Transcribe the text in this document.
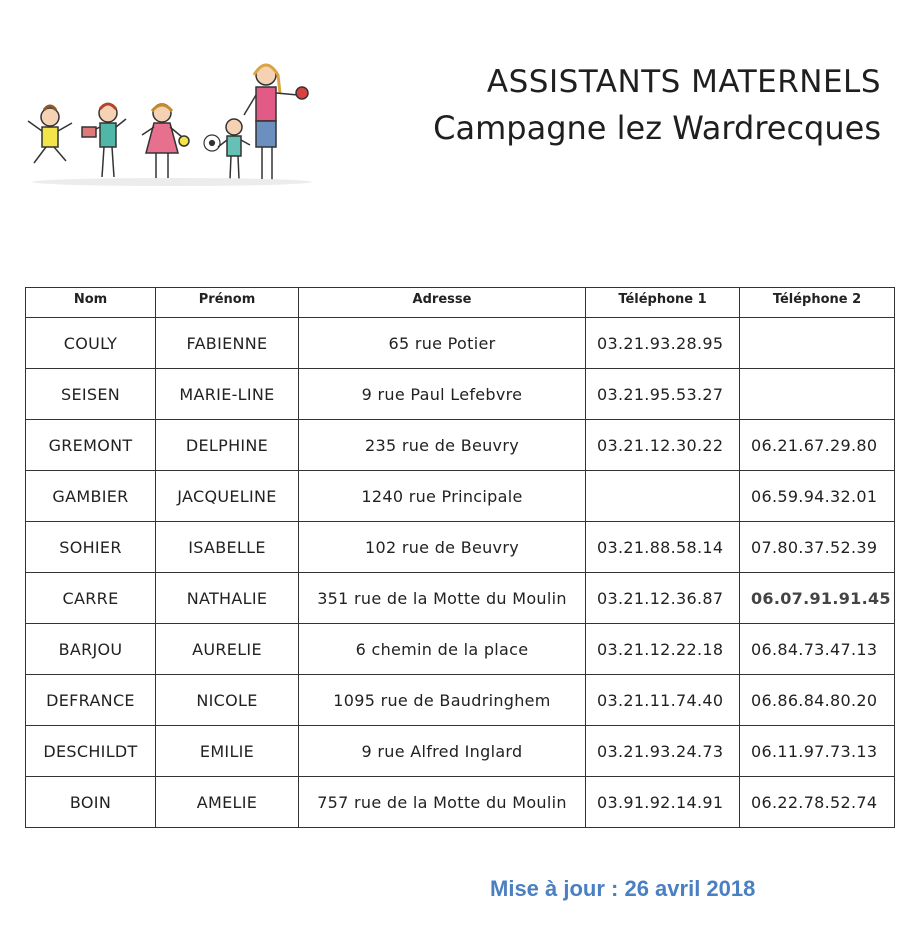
ASSISTANTS MATERNELS
Campagne lez Wardrecques
Nom	Prénom	Adresse	Téléphone 1	Téléphone 2
COULY	FABIENNE	65 rue Potier	03.21.93.28.95	
SEISEN	MARIE-LINE	9 rue Paul Lefebvre	03.21.95.53.27	
GREMONT	DELPHINE	235 rue de Beuvry	03.21.12.30.22	06.21.67.29.80
GAMBIER	JACQUELINE	1240 rue Principale		06.59.94.32.01
SOHIER	ISABELLE	102 rue de Beuvry	03.21.88.58.14	07.80.37.52.39
CARRE	NATHALIE	351 rue de la Motte du Moulin	03.21.12.36.87	06.07.91.91.45
BARJOU	AURELIE	6 chemin de la place	03.21.12.22.18	06.84.73.47.13
DEFRANCE	NICOLE	1095 rue de Baudringhem	03.21.11.74.40	06.86.84.80.20
DESCHILDT	EMILIE	9 rue Alfred Inglard	03.21.93.24.73	06.11.97.73.13
BOIN	AMELIE	757 rue de la Motte du Moulin	03.91.92.14.91	06.22.78.52.74
Mise à jour : 26 avril 2018
